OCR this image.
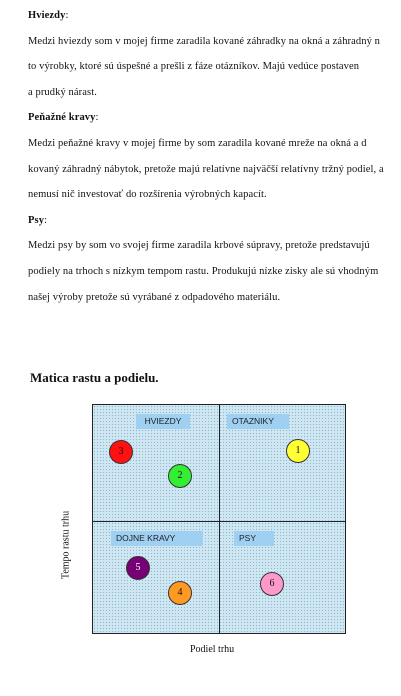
Hviezdy:
Medzi hviezdy som v mojej firme zaradila kované záhradky na okná a záhradný n
to výrobky, ktoré sú úspešné a prešli z fáze otázníkov. Majú vedúce postaven
a prudký nárast.
Peňažné kravy:
Medzi peňažné kravy v mojej firme by som zaradila kované mreže na okná a d
kovaný záhradný nábytok, pretože majú relatívne najväčší relatívny tržný podiel, a
nemusí nič investovať do rozšírenia výrobných kapacít.
Psy:
Medzi psy by som vo svojej firme zaradila krbové súpravy, pretože predstavujú
podiely na trhoch s nízkym tempom rastu. Produkujú nízke zisky ale sú vhodným
našej výroby pretože sú vyrábané z odpadového materiálu.
Matica rastu a podielu.
HVIEZDY	OTAZNIKY
DOJNE KRAVY	PSY
3
2
1
5
4
6
Tempo rastu trhu
Podiel trhu
